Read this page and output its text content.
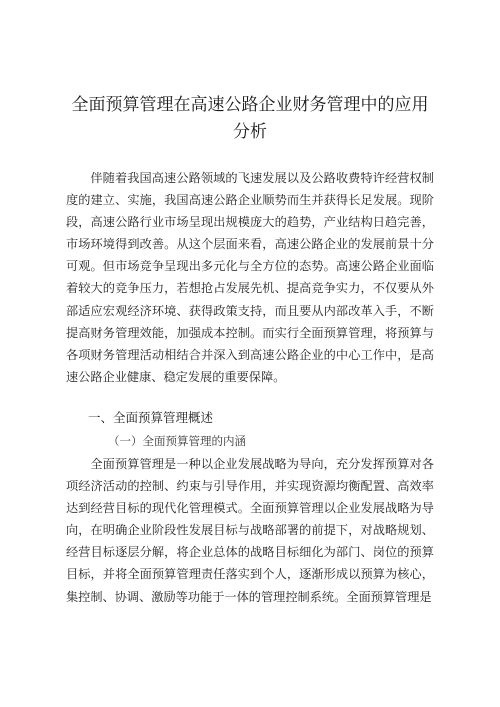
全面预算管理在高速公路企业财务管理中的应用分析

伴随着我国高速公路领域的飞速发展以及公路收费特许经营权制度的建立、实施，我国高速公路企业顺势而生并获得长足发展。现阶段，高速公路行业市场呈现出规模庞大的趋势，产业结构日趋完善，市场环境得到改善。从这个层面来看，高速公路企业的发展前景十分可观。但市场竞争呈现出多元化与全方位的态势。高速公路企业面临着较大的竞争压力，若想抢占发展先机、提高竞争实力，不仅要从外部适应宏观经济环境、获得政策支持，而且要从内部改革入手，不断提高财务管理效能，加强成本控制。而实行全面预算管理，将预算与各项财务管理活动相结合并深入到高速公路企业的中心工作中，是高速公路企业健康、稳定发展的重要保障。

一、全面预算管理概述
（一）全面预算管理的内涵

全面预算管理是一种以企业发展战略为导向，充分发挥预算对各项经济活动的控制、约束与引导作用，并实现资源均衡配置、高效率达到经营目标的现代化管理模式。全面预算管理以企业发展战略为导向，在明确企业阶段性发展目标与战略部署的前提下，对战略规划、经营目标逐层分解，将企业总体的战略目标细化为部门、岗位的预算目标，并将全面预算管理责任落实到个人，逐渐形成以预算为核心，集控制、协调、激励等功能于一体的管理控制系统。全面预算管理是
